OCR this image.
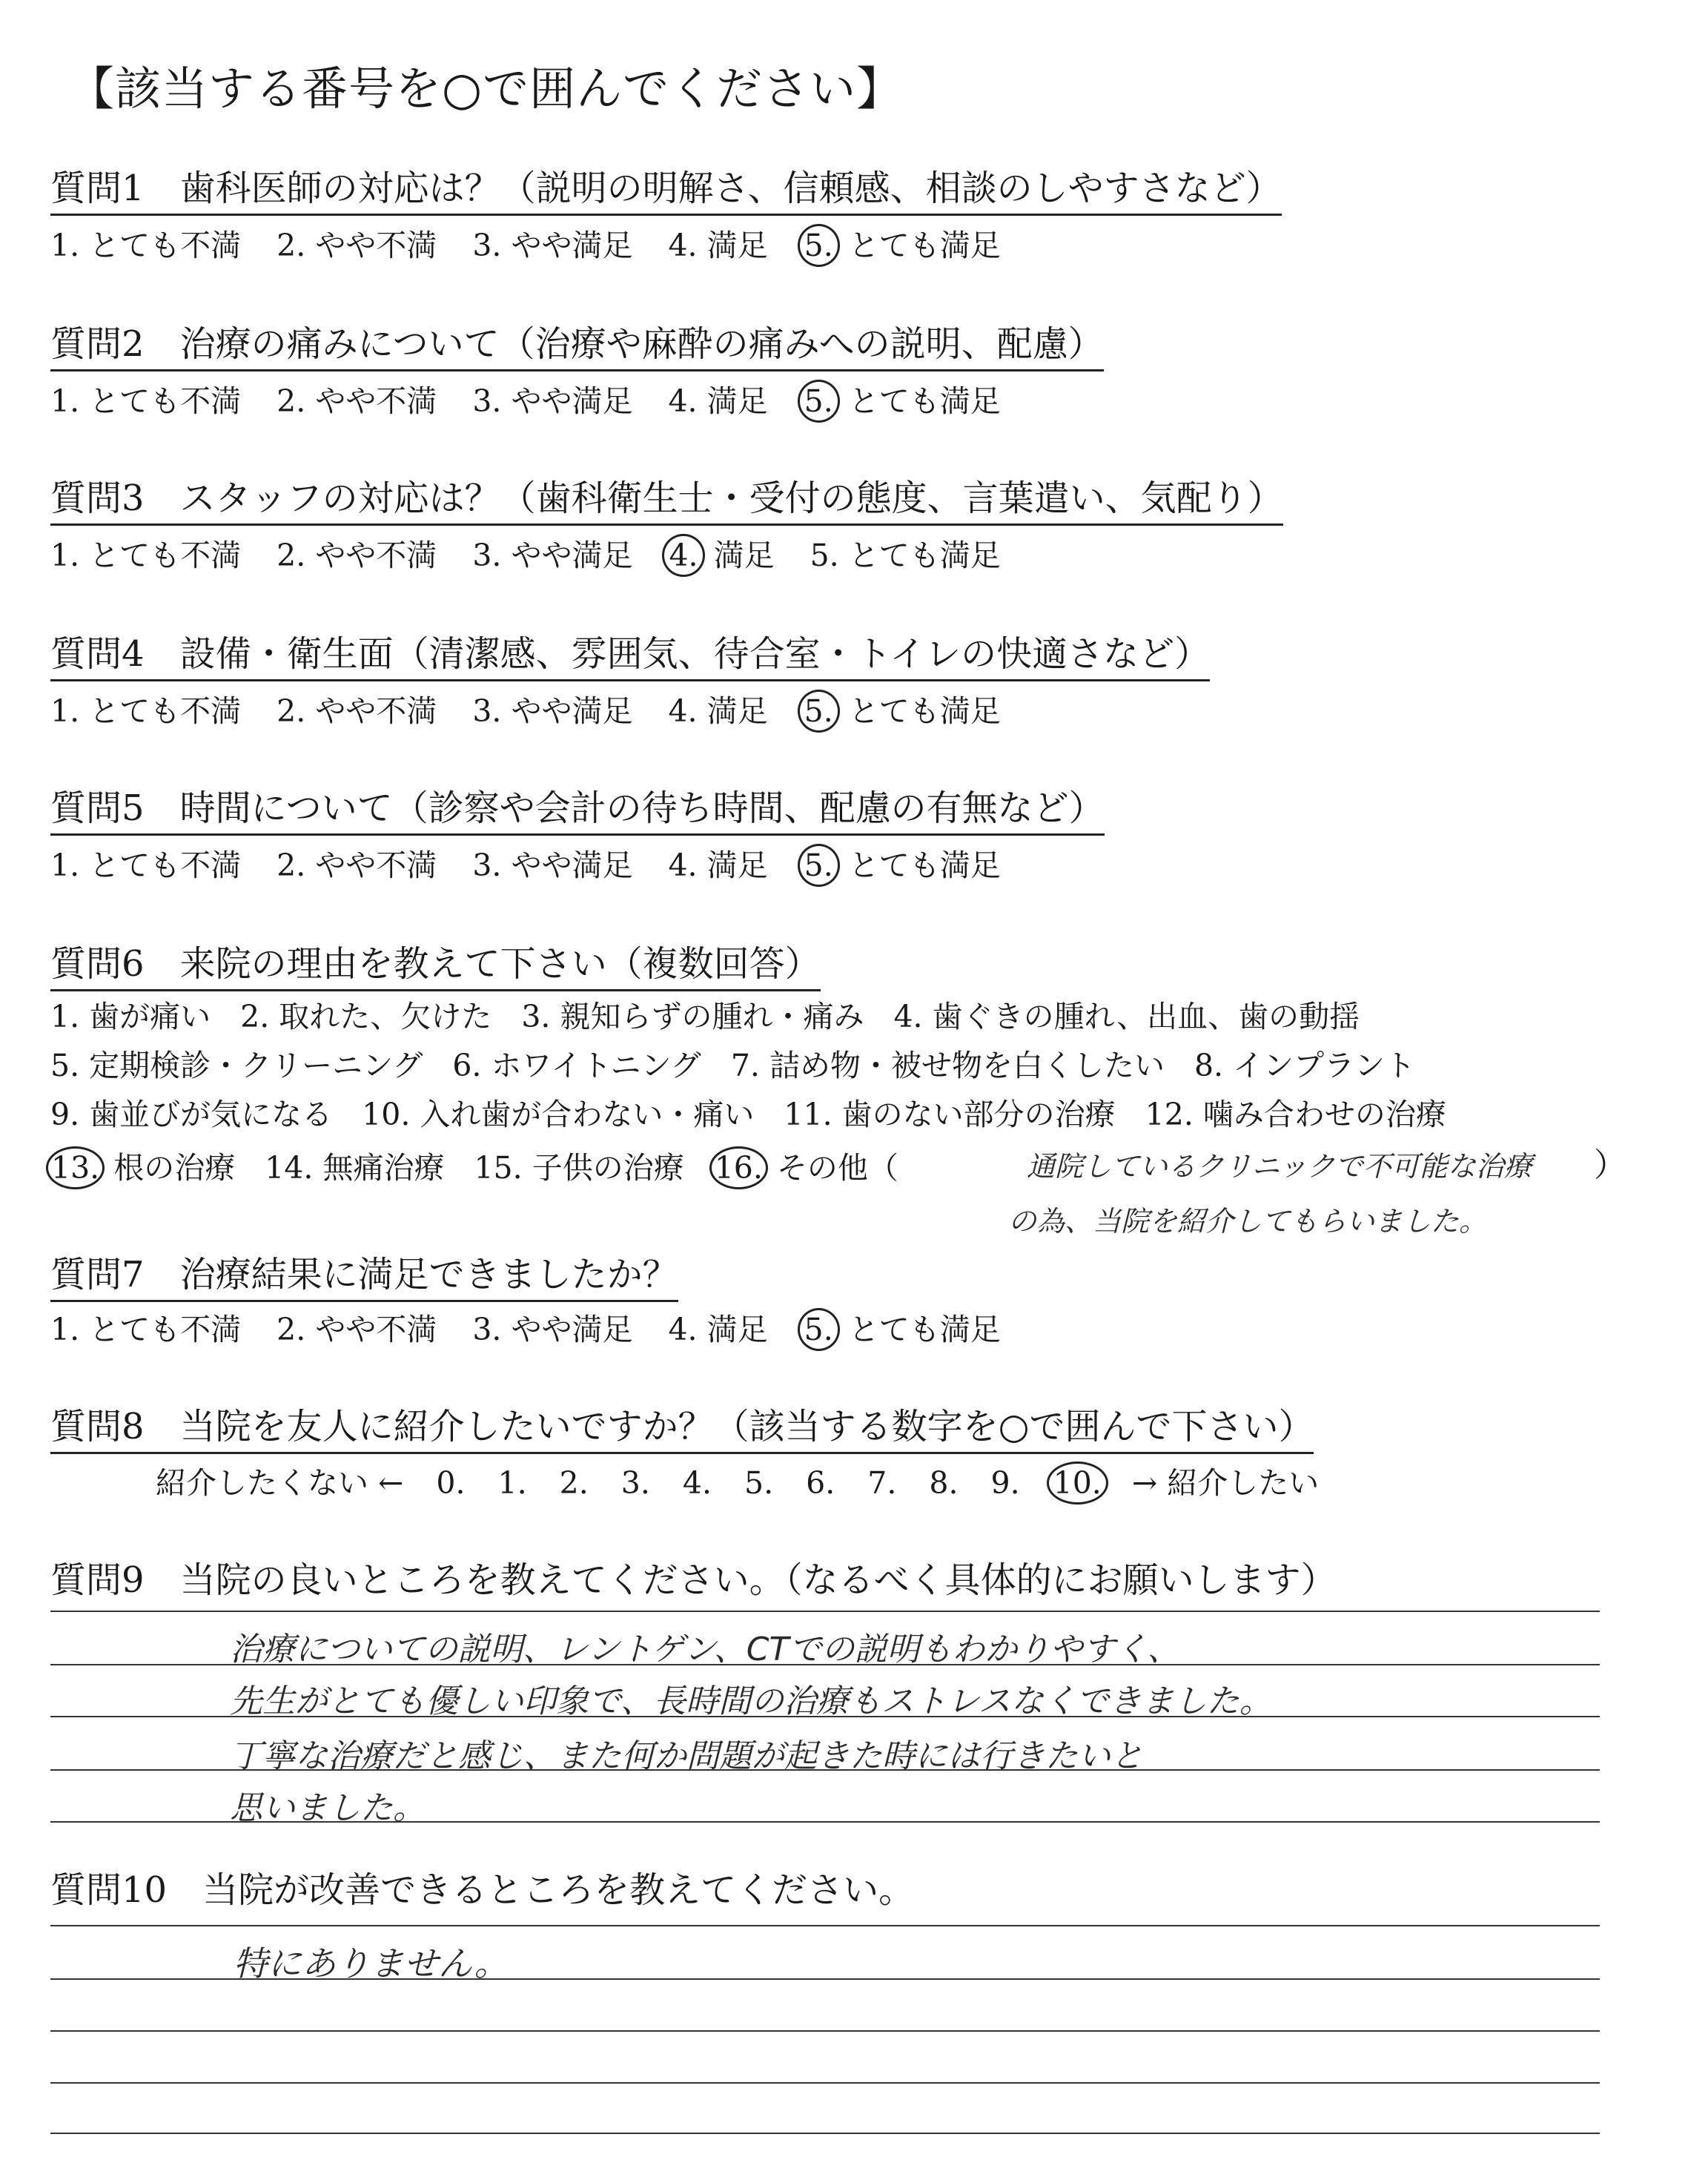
【該当する番号を○で囲んでください】
質問1　 歯科医師の対応は？（説明の明解さ、信頼感、相談のしやすさなど）
1. とても不満 2. やや不満 3. やや満足 4. 満足 5. とても満足
質問2　 治療の痛みについて（治療や麻酔の痛みへの説明、配慮）
1. とても不満 2. やや不満 3. やや満足 4. 満足 5. とても満足
質問3　 スタッフの対応は？（歯科衛生士・受付の態度、言葉遣い、気配り）
1. とても不満 2. やや不満 3. やや満足 4. 満足 5. とても満足
質問4　 設備・衛生面（清潔感、雰囲気、待合室・トイレの快適さなど）
1. とても不満 2. やや不満 3. やや満足 4. 満足 5. とても満足
質問5　 時間について（診察や会計の待ち時間、配慮の有無など）
1. とても不満 2. やや不満 3. やや満足 4. 満足 5. とても満足
質問6　 来院の理由を教えて下さい（複数回答）
1. 歯が痛い 2. 取れた、欠けた 3. 親知らずの腫れ・痛み 4. 歯ぐきの腫れ、出血、歯の動揺
5. 定期検診・クリーニング 6. ホワイトニング 7. 詰め物・被せ物を白くしたい 8. インプラント
9. 歯並びが気になる 10. 入れ歯が合わない・痛い 11. 歯のない部分の治療 12. 噛み合わせの治療
13. 根の治療 14. 無痛治療 15. 子供の治療 16. その他（	通院しているクリニックで不可能な治療 ）
の為、当院を紹介してもらいました。
質問7　 治療結果に満足できましたか？
1. とても不満 2. やや不満 3. やや満足 4. 満足 5. とても満足
質問8　 当院を友人に紹介したいですか？（該当する数字を○で囲んで下さい）
紹介したくない ← 0. 1. 2. 3. 4. 5. 6. 7. 8. 9. 10. → 紹介したい
質問9　 当院の良いところを教えてください。（なるべく具体的にお願いします）
治療についての説明、レントゲン、CTでの説明もわかりやすく、
先生がとても優しい印象で、長時間の治療もストレスなくできました。
丁寧な治療だと感じ、また何か問題が起きた時には行きたいと
思いました。
質問10　 当院が改善できるところを教えてください。
特にありません。
